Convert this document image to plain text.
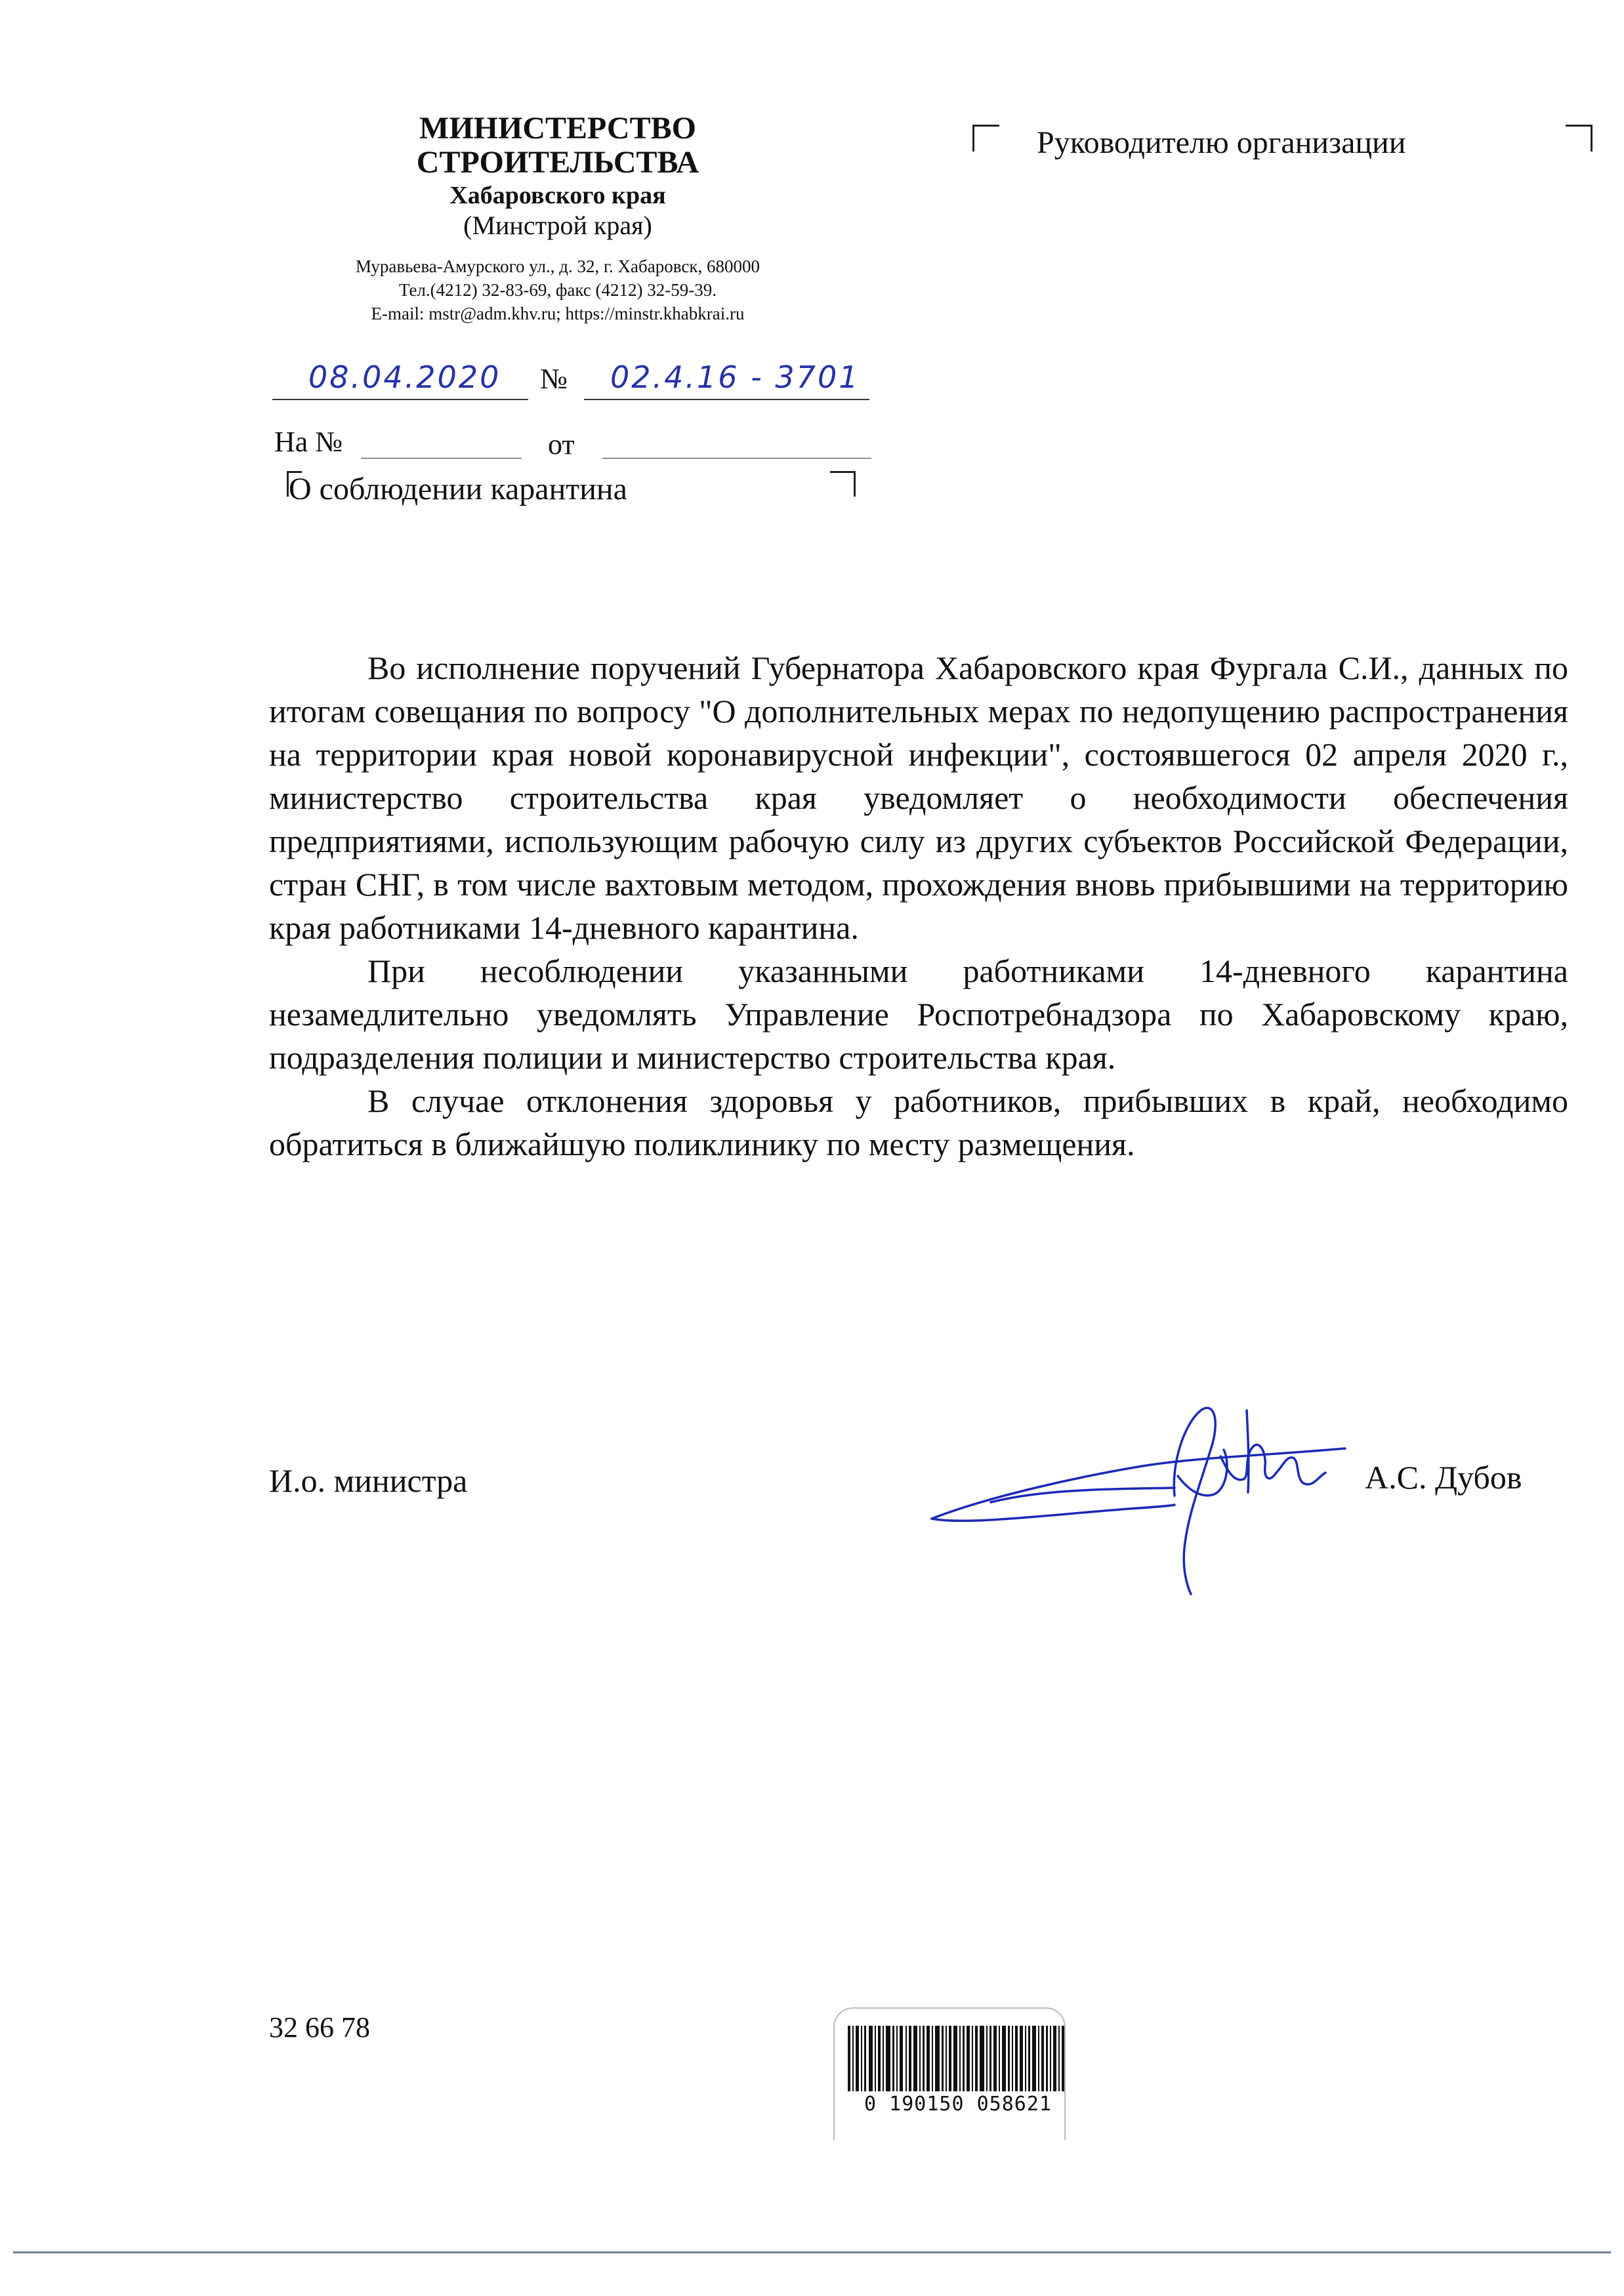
МИНИСТЕРСТВО
СТРОИТЕЛЬСТВА
Хабаровского края
(Минстрой края)
Муравьева-Амурского ул., д. 32, г. Хабаровск, 680000
Тел.(4212) 32-83-69, факс (4212) 32-59-39.
E-mail: mstr@adm.khv.ru; https://minstr.khabkrai.ru
Руководителю организации
08.04.2020 № 02.4.16 - 3701
На №	от
О соблюдении карантина

Во исполнение поручений Губернатора Хабаровского края Фургала С.И., данных по итогам совещания по вопросу "О дополнительных мерах по недопущению распространения на территории края новой коронавирусной инфекции", состоявшегося 02 апреля 2020 г., министерство строительства края уведомляет о необходимости обеспечения предприятиями, использующим рабочую силу из других субъектов Российской Федерации, стран СНГ, в том числе вахтовым методом, прохождения вновь прибывшими на территорию края работниками 14-дневного карантина.

При несоблюдении указанными работниками 14-дневного карантина незамедлительно уведомлять Управление Роспотребнадзора по Хабаровскому краю, подразделения полиции и министерство строительства края.

В случае отклонения здоровья у работников, прибывших в край, необходимо обратиться в ближайшую поликлинику по месту размещения.

И.о. министра	А.С. Дубов
32 66 78
0 190150 058621
